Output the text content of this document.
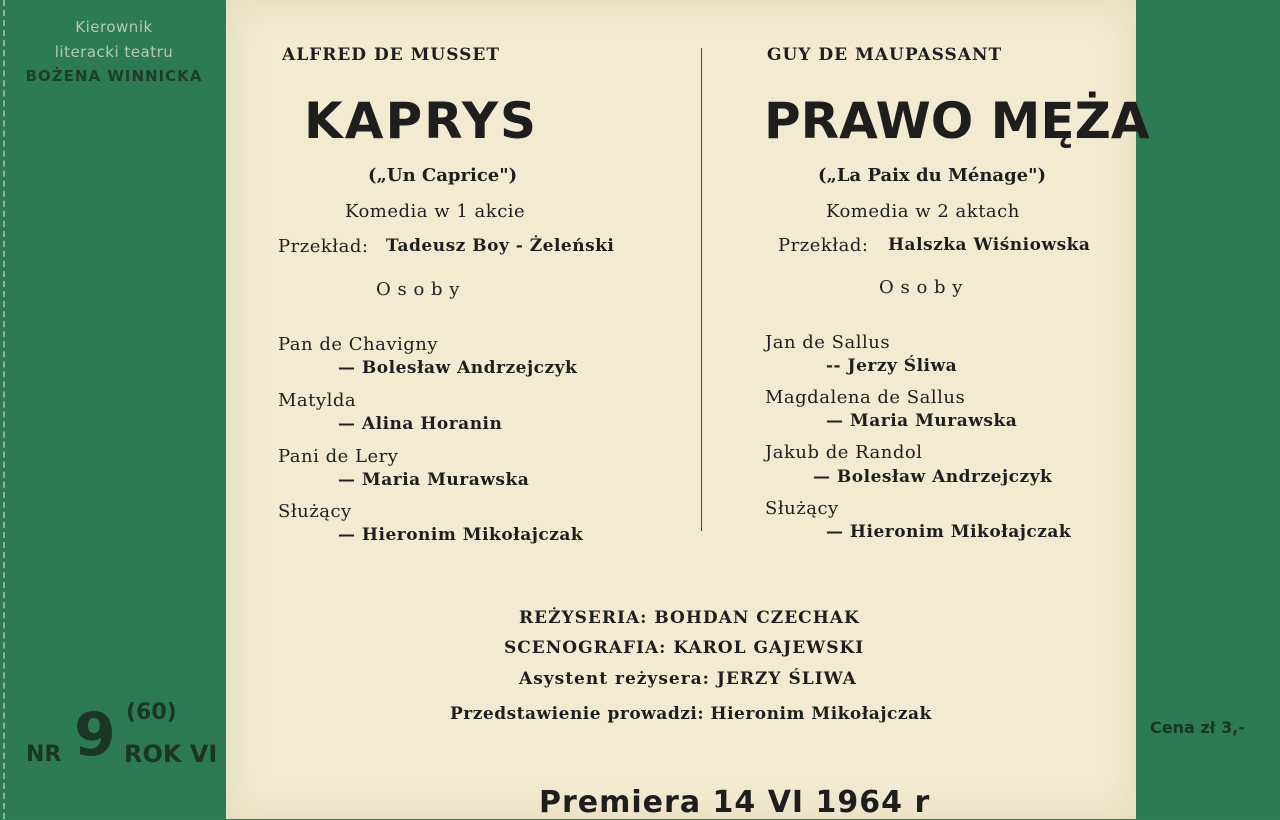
Kierownik
literacki teatru
BOŻENA WINNICKA
NR 9 (60)
ROK VI
Cena zł 3,-
ALFRED DE MUSSET
KAPRYS
(„Un Caprice")
Komedia w 1 akcie
Przekład: Tadeusz Boy - Żeleński
O s o b y
Pan de Chavigny
— Bolesław Andrzejczyk
Matylda
— Alina Horanin
Pani de Lery
— Maria Murawska
Służący
— Hieronim Mikołajczak
GUY DE MAUPASSANT
PRAWO MĘŻA
(„La Paix du Ménage")
Komedia w 2 aktach
Przekład: Halszka Wiśniowska
O s o b y
Jan de Sallus
-- Jerzy Śliwa
Magdalena de Sallus
— Maria Murawska
Jakub de Randol
— Bolesław Andrzejczyk
Służący
— Hieronim Mikołajczak
REŻYSERIA: BOHDAN CZECHAK
SCENOGRAFIA: KAROL GAJEWSKI
Asystent reżysera: JERZY ŚLIWA
Przedstawienie prowadzi: Hieronim Mikołajczak
Premiera 14 VI 1964 r
